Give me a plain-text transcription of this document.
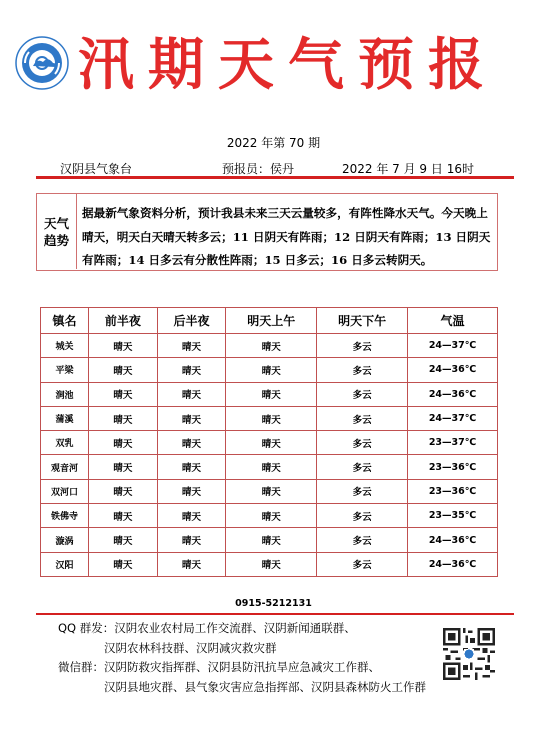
汛期天气预报
2022 年第 70 期
汉阴县气象台	预报员：侯丹	2022 年 7 月 9 日 16时
天气趋势
据最新气象资料分析，预计我县未来三天云量较多，有阵性降水天气。今天晚上晴天，明天白天晴天转多云；11 日阴天有阵雨；12 日阴天有阵雨；13 日阴天有阵雨；14 日多云有分散性阵雨；15 日多云；16 日多云转阴天。
镇名	前半夜	后半夜	明天上午	明天下午	气温
城关	晴天	晴天	晴天	多云	24—37℃
平梁	晴天	晴天	晴天	多云	24—36℃
涧池	晴天	晴天	晴天	多云	24—36℃
蒲溪	晴天	晴天	晴天	多云	24—37℃
双乳	晴天	晴天	晴天	多云	23—37℃
观音河	晴天	晴天	晴天	多云	23—36℃
双河口	晴天	晴天	晴天	多云	23—36℃
铁佛寺	晴天	晴天	晴天	多云	23—35℃
漩涡	晴天	晴天	晴天	多云	24—36℃
汉阳	晴天	晴天	晴天	多云	24—36℃
0915-5212131
QQ 群发：汉阴农业农村局工作交流群、汉阴新闻通联群、
汉阴农林科技群、汉阴减灾救灾群
微信群：汉阴防救灾指挥群、汉阴县防汛抗旱应急减灾工作群、
汉阴县地灾群、县气象灾害应急指挥部、汉阴县森林防火工作群
